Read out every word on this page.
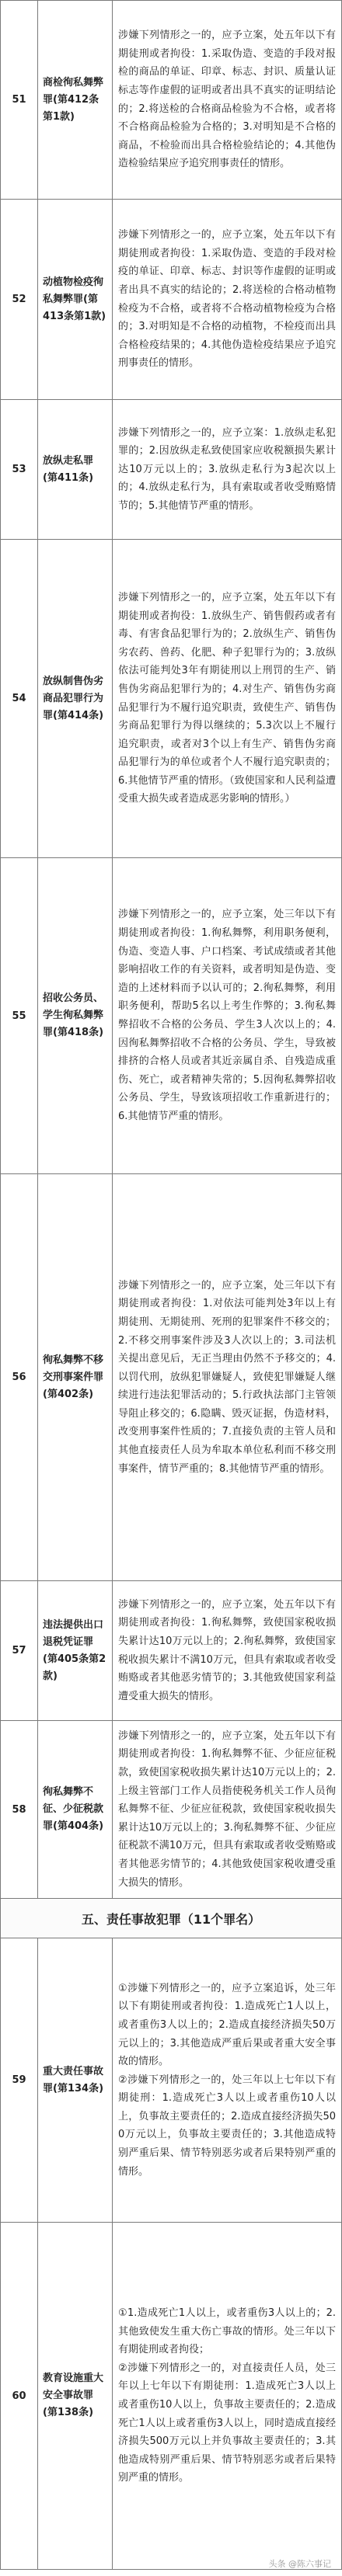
51	商检徇私舞弊罪(第412条第1款)	涉嫌下列情形之一的，应予立案，处五年以下有期徒刑或者拘役：1.采取伪造、变造的手段对报检的商品的单证、印章、标志、封识、质量认证标志等作虚假的证明或者出具不真实的证明结论的；2.将送检的合格商品检验为不合格，或者将不合格商品检验为合格的；3.对明知是不合格的商品，不检验而出具合格检验结论的；4.其他伪造检验结果应予追究刑事责任的情形。
52	动植物检疫徇私舞弊罪(第413条第1款)	涉嫌下列情形之一的，应予立案，处五年以下有期徒刑或者拘役：1.采取伪造、变造的手段对检疫的单证、印章、标志、封识等作虚假的证明或者出具不真实的结论的；2.将送检的合格动植物检疫为不合格，或者将不合格动植物检疫为合格的；3.对明知是不合格的动植物，不检疫而出具合格检疫结果的；4.其他伪造检疫结果应予追究刑事责任的情形。
53	放纵走私罪(第411条)	涉嫌下列情形之一的，应予立案：1.放纵走私犯罪的；2.因放纵走私致使国家应收税额损失累计达10万元以上的；3.放纵走私行为3起次以上的；4.放纵走私行为，具有索取或者收受贿赂情节的；5.其他情节严重的情形。
54	放纵制售伪劣商品犯罪行为罪(第414条)	涉嫌下列情形之一的，应予立案，处五年以下有期徒刑或者拘役：1.放纵生产、销售假药或者有毒、有害食品犯罪行为的；2.放纵生产、销售伪劣农药、兽药、化肥、种子犯罪行为的；3.放纵依法可能判处3年有期徒刑以上刑罚的生产、销售伪劣商品犯罪行为的；4.对生产、销售伪劣商品犯罪行为不履行追究职责，致使生产、销售伪劣商品犯罪行为得以继续的；5.3次以上不履行追究职责，或者对3个以上有生产、销售伪劣商品犯罪行为的单位或者个人不履行追究职责的；6.其他情节严重的情形。（致使国家和人民利益遭受重大损失或者造成恶劣影响的情形。）
55	招收公务员、学生徇私舞弊罪(第418条)	涉嫌下列情形之一的，应予立案，处三年以下有期徒刑或者拘役：1.徇私舞弊，利用职务便利，伪造、变造人事、户口档案、考试成绩或者其他影响招收工作的有关资料，或者明知是伪造、变造的上述材料而予以认可的；2.徇私舞弊，利用职务便利，帮助5名以上考生作弊的；3.徇私舞弊招收不合格的公务员、学生3人次以上的；4.因徇私舞弊招收不合格的公务员、学生，导致被排挤的合格人员或者其近亲属自杀、自残造成重伤、死亡，或者精神失常的；5.因徇私舞弊招收公务员、学生，导致该项招收工作重新进行的；6.其他情节严重的情形。
56	徇私舞弊不移交刑事案件罪(第402条)	涉嫌下列情形之一的，应予立案，处三年以下有期徒刑或者拘役：1.对依法可能判处3年以上有期徒刑、无期徒刑、死刑的犯罪案件不移交的；2.不移交刑事案件涉及3人次以上的；3.司法机关提出意见后，无正当理由仍然不予移交的；4.以罚代刑，放纵犯罪嫌疑人，致使犯罪嫌疑人继续进行违法犯罪活动的；5.行政执法部门主管领导阻止移交的；6.隐瞒、毁灭证据，伪造材料，改变刑事案件性质的；7.直接负责的主管人员和其他直接责任人员为牟取本单位私利而不移交刑事案件，情节严重的；8.其他情节严重的情形。
57	违法提供出口退税凭证罪(第405条第2款)	涉嫌下列情形之一的，应予立案，处五年以下有期徒刑或者拘役：1.徇私舞弊，致使国家税收损失累计达10万元以上的；2.徇私舞弊，致使国家税收损失累计不满10万元，但具有索取或者收受贿赂或者其他恶劣情节的；3.其他致使国家利益遭受重大损失的情形。
58	徇私舞弊不征、少征税款罪(第404条)	涉嫌下列情形之一的，应予立案，处五年以下有期徒刑或者拘役：1.徇私舞弊不征、少征应征税款，致使国家税收损失累计达10万元以上的；2.上级主管部门工作人员指使税务机关工作人员徇私舞弊不征、少征应征税款，致使国家税收损失累计达10万元以上的；3.徇私舞弊不征、少征应征税款不满10万元，但具有索取或者收受贿赂或者其他恶劣情节的；4.其他致使国家税收遭受重大损失的情形。
五、责任事故犯罪（11个罪名）		
59	重大责任事故罪(第134条)	①涉嫌下列情形之一的，应予立案追诉，处三年以下有期徒刑或者拘役：1.造成死亡1人以上，或者重伤3人以上的；2.造成直接经济损失50万元以上的；3.其他造成严重后果或者重大安全事故的情形。

②涉嫌下列情形之一的，处三年以上七年以下有期徒刑：1.造成死亡3人以上或者重伤10人以上，负事故主要责任的；2.造成直接经济损失500万元以上，负事故主要责任的；3.其他造成特别严重后果、情节特别恶劣或者后果特别严重的情形。

60	教育设施重大安全事故罪(第138条)	①1.造成死亡1人以上，或者重伤3人以上的；2.其他致使发生重大伤亡事故的情形。处三年以下有期徒刑或者拘役；

②涉嫌下列情形之一的，对直接责任人员，处三年以上七年以下有期徒刑：1.造成死亡3人以上或者重伤10人以上，负事故主要责任的；2.造成死亡1人以上或者重伤3人以上，同时造成直接经济损失500万元以上并负事故主要责任的；3.其他造成特别严重后果、情节特别恶劣或者后果特别严重的情形。

头条 @陈六事记
